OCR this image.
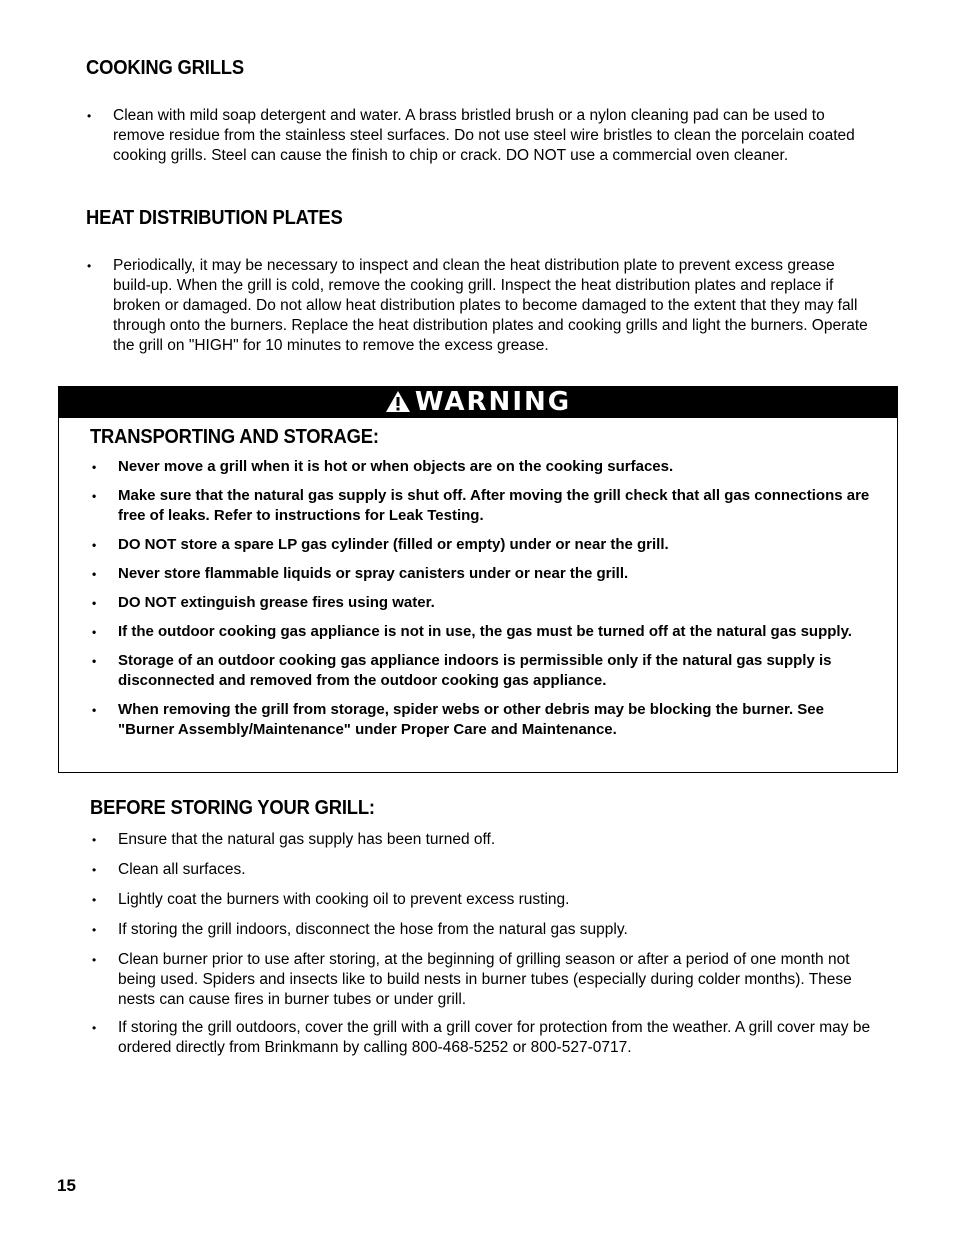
COOKING GRILLS
• Clean with mild soap detergent and water. A brass bristled brush or a nylon cleaning pad can be used to remove residue from the stainless steel surfaces. Do not use steel wire bristles to clean the porcelain coated cooking grills. Steel can cause the finish to chip or crack. DO NOT use a commercial oven cleaner.
HEAT DISTRIBUTION PLATES
• Periodically, it may be necessary to inspect and clean the heat distribution plate to prevent excess grease build-up. When the grill is cold, remove the cooking grill. Inspect the heat distribution plates and replace if broken or damaged. Do not allow heat distribution plates to become damaged to the extent that they may fall through onto the burners. Replace the heat distribution plates and cooking grills and light the burners. Operate the grill on "HIGH" for 10 minutes to remove the excess grease.
WARNING
TRANSPORTING AND STORAGE:
• Never move a grill when it is hot or when objects are on the cooking surfaces.
• Make sure that the natural gas supply is shut off. After moving the grill check that all gas connections are free of leaks. Refer to instructions for Leak Testing.
• DO NOT store a spare LP gas cylinder (filled or empty) under or near the grill.
• Never store flammable liquids or spray canisters under or near the grill.
• DO NOT extinguish grease fires using water.
• If the outdoor cooking gas appliance is not in use, the gas must be turned off at the natural gas supply.
• Storage of an outdoor cooking gas appliance indoors is permissible only if the natural gas supply is disconnected and removed from the outdoor cooking gas appliance.
• When removing the grill from storage, spider webs or other debris may be blocking the burner. See "Burner Assembly/Maintenance" under Proper Care and Maintenance.
BEFORE STORING YOUR GRILL:
• Ensure that the natural gas supply has been turned off.
• Clean all surfaces.
• Lightly coat the burners with cooking oil to prevent excess rusting.
• If storing the grill indoors, disconnect the hose from the natural gas supply.
• Clean burner prior to use after storing, at the beginning of grilling season or after a period of one month not being used. Spiders and insects like to build nests in burner tubes (especially during colder months). These nests can cause fires in burner tubes or under grill.
• If storing the grill outdoors, cover the grill with a grill cover for protection from the weather. A grill cover may be ordered directly from Brinkmann by calling 800-468-5252 or 800-527-0717.
15
